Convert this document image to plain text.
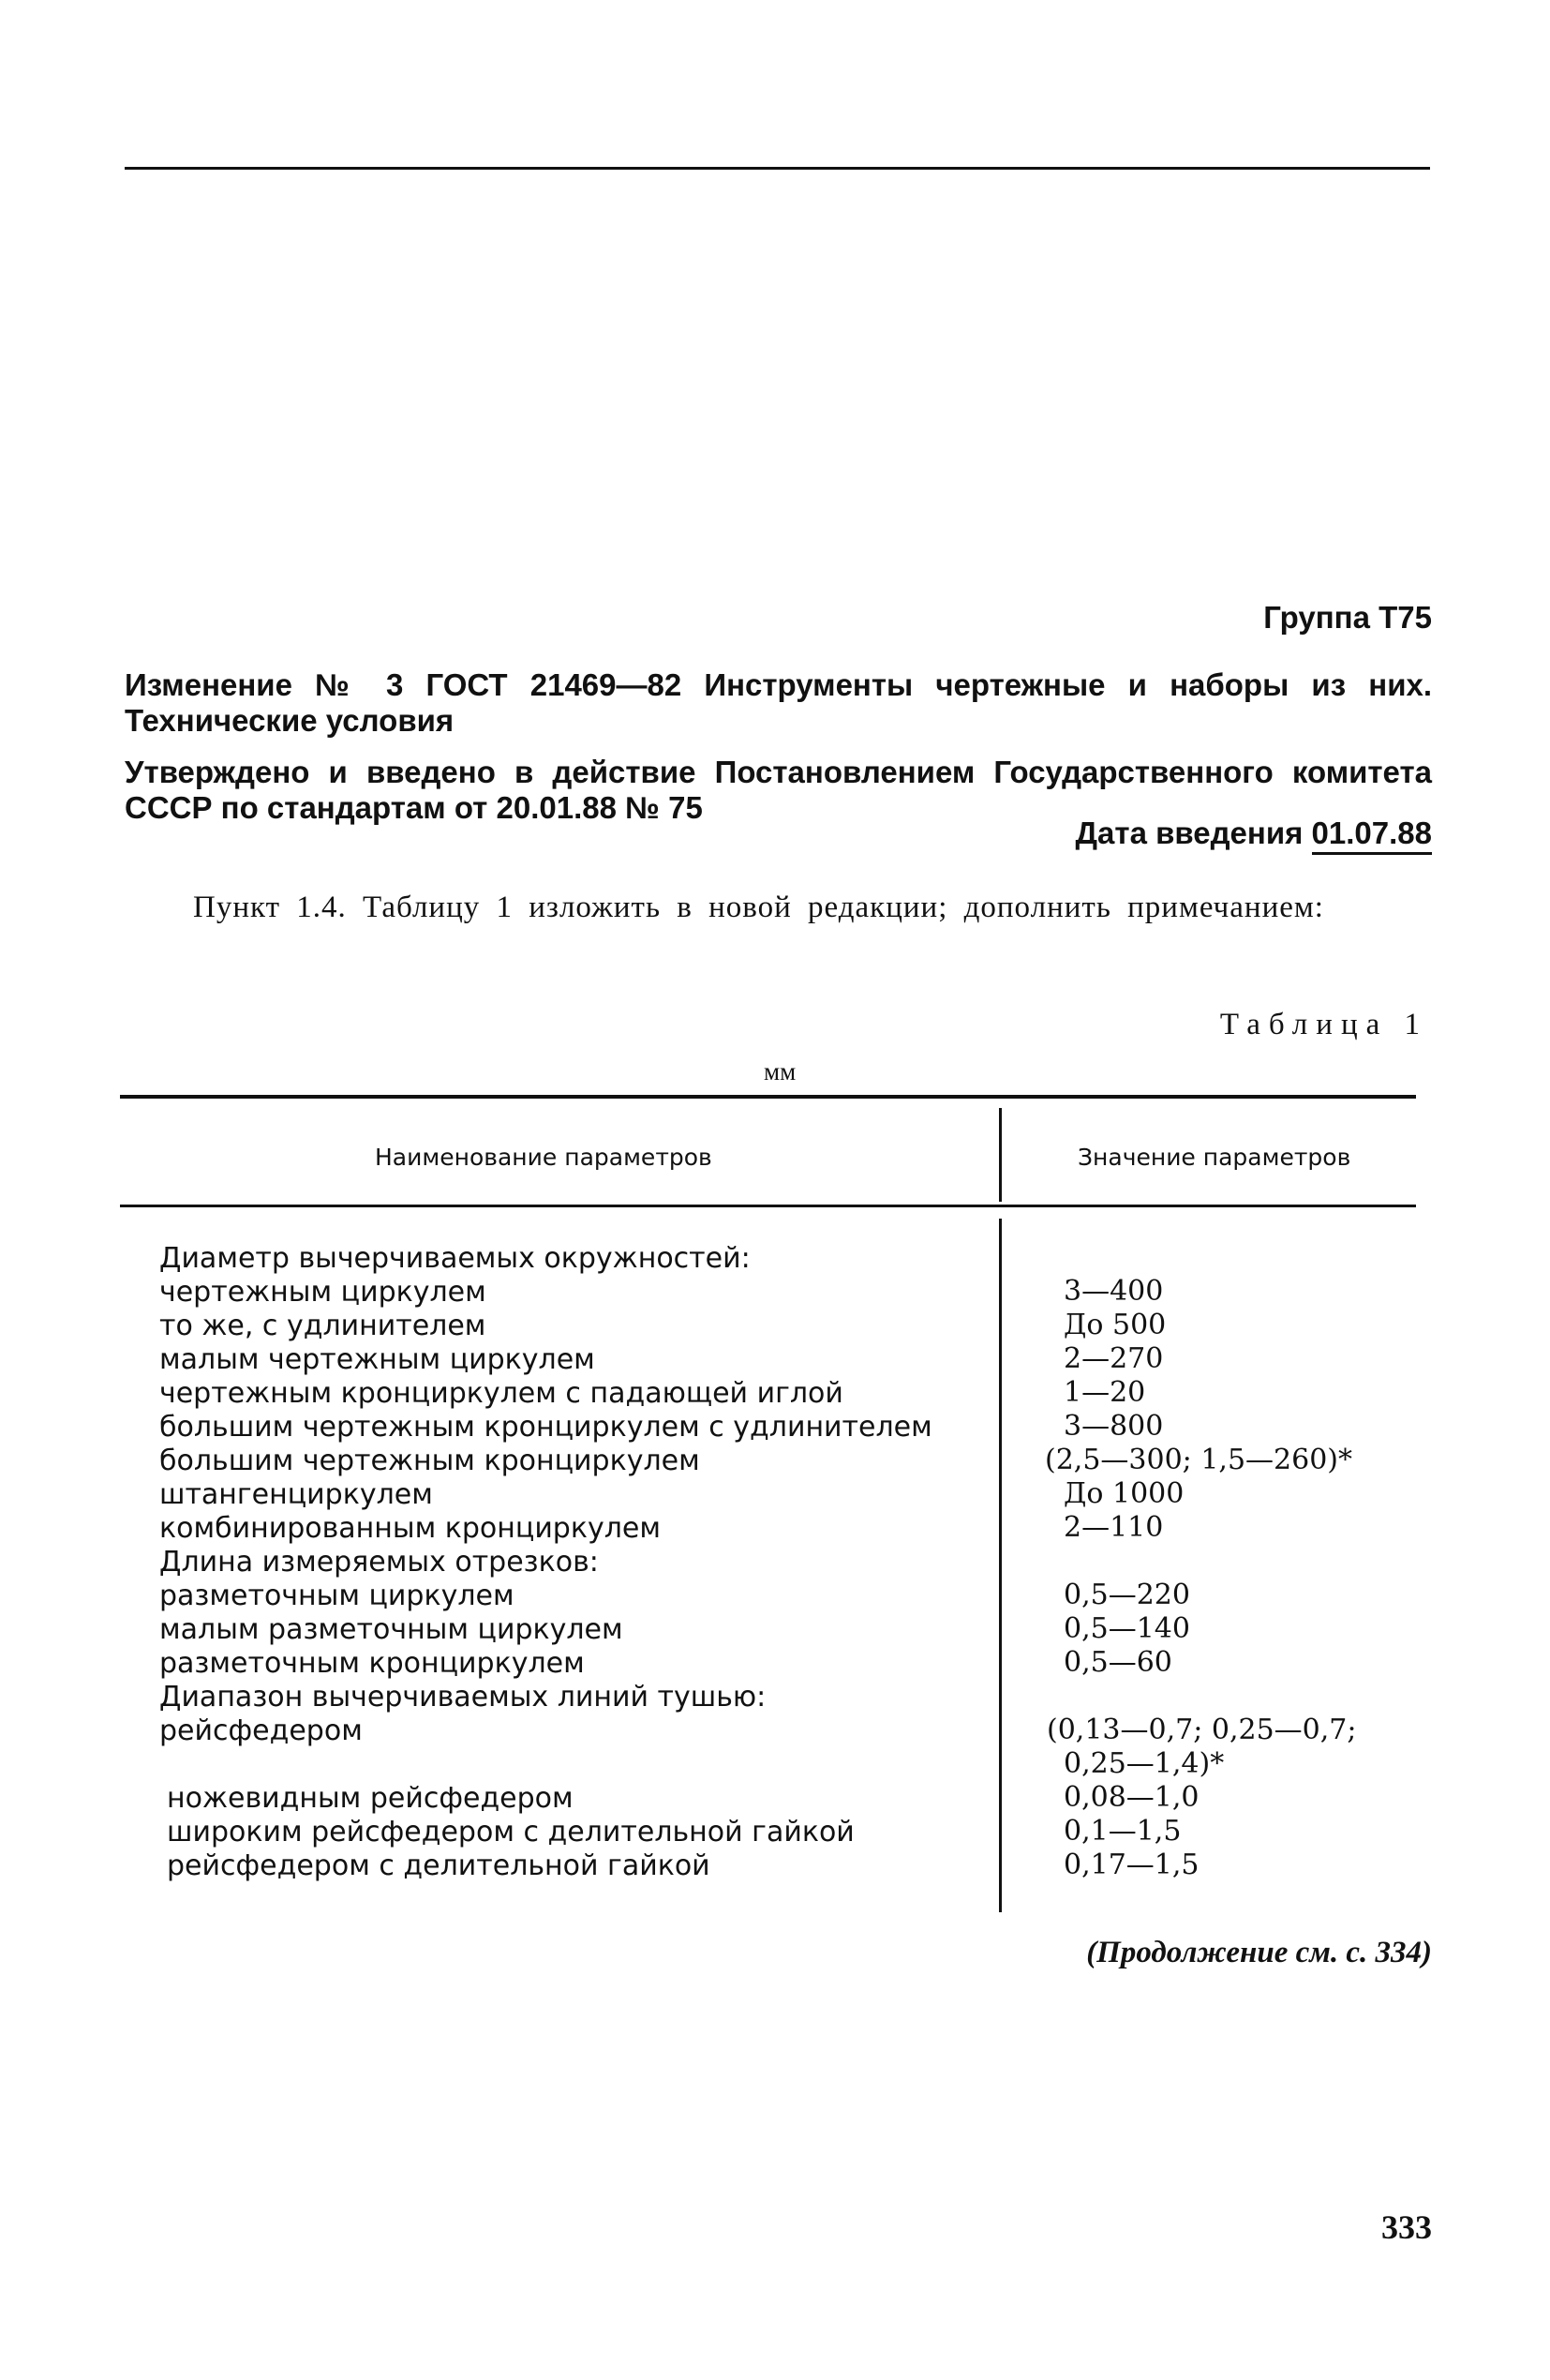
Группа Т75
Изменение № 3 ГОСТ 21469—82 Инструменты чертежные и наборы из них. Технические условия
Утверждено и введено в действие Постановлением Государственного комитета СССР по стандартам от 20.01.88 № 75
Дата введения 01.07.88
Пункт 1.4. Таблицу 1 изложить в новой редакции; дополнить примечанием:
Таблица 1
мм
Наименование параметров	Значение параметров
Диаметр вычерчиваемых окружностей:
чертежным циркулем
то же, с удлинителем
малым чертежным циркулем
чертежным кронциркулем с падающей иглой
большим чертежным кронциркулем с удлинителем
большим чертежным кронциркулем
штангенциркулем
комбинированным кронциркулем
Длина измеряемых отрезков:
разметочным циркулем
малым разметочным циркулем
разметочным кронциркулем
Диапазон вычерчиваемых линий тушью:
рейсфедером
ножевидным рейсфедером
широким рейсфедером с делительной гайкой
рейсфедером с делительной гайкой
3—400
До 500
2—270
1—20
3—800
(2,5—300; 1,5—260)*
До 1000
2—110
0,5—220
0,5—140
0,5—60
(0,13—0,7; 0,25—0,7;
0,25—1,4)*
0,08—1,0
0,1—1,5
0,17—1,5
(Продолжение см. с. 334)
333
